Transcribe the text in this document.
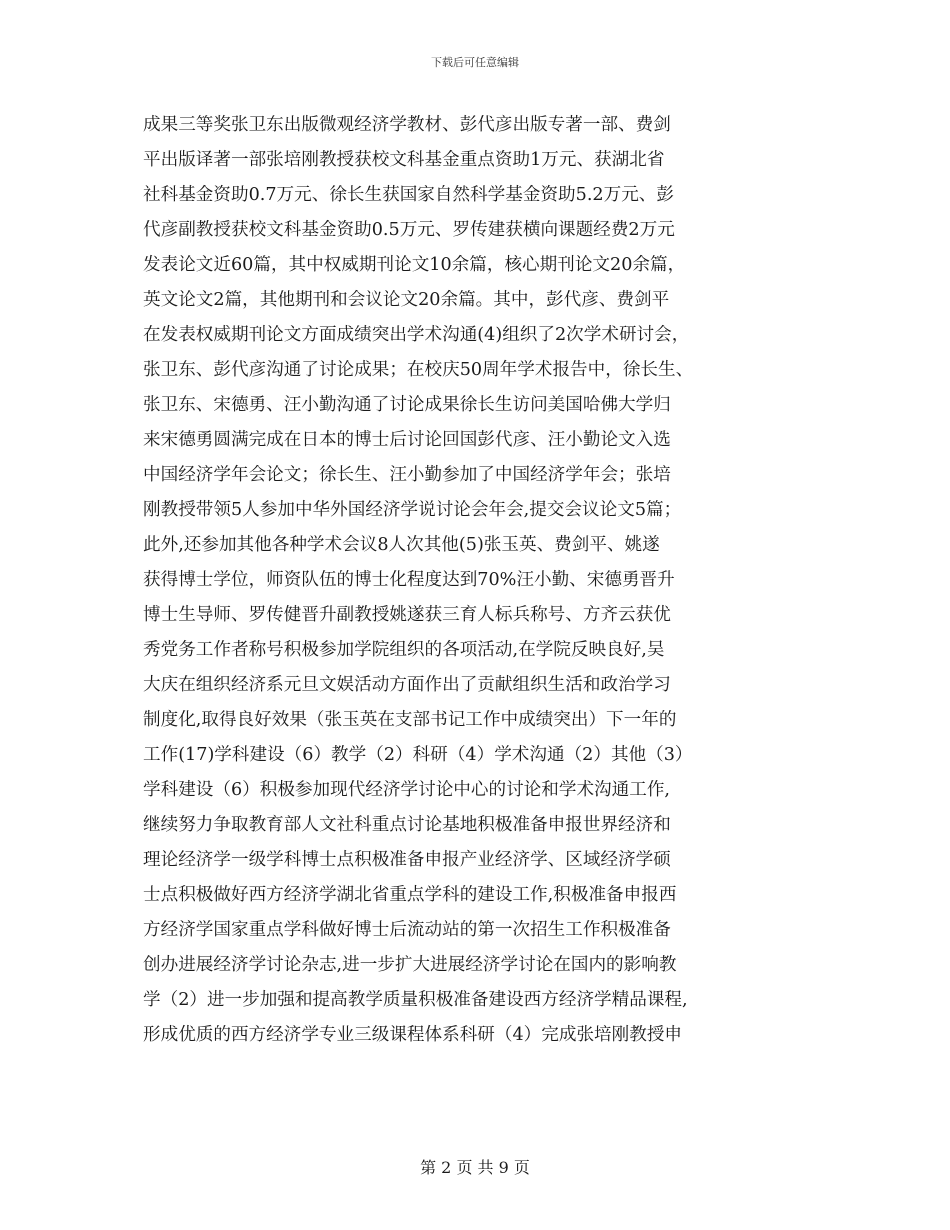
下载后可任意编辑
成果三等奖张卫东出版微观经济学教材、彭代彦出版专著一部、费剑
平出版译著一部张培刚教授获校文科基金重点资助1万元、获湖北省
社科基金资助0.7万元、徐长生获国家自然科学基金资助5.2万元、彭
代彦副教授获校文科基金资助0.5万元、罗传建获横向课题经费2万元
发表论文近60篇，其中权威期刊论文10余篇，核心期刊论文20余篇，
英文论文2篇，其他期刊和会议论文20余篇。其中，彭代彦、费剑平
在发表权威期刊论文方面成绩突出学术沟通(4)组织了2次学术研讨会，
张卫东、彭代彦沟通了讨论成果；在校庆50周年学术报告中，徐长生、
张卫东、宋德勇、汪小勤沟通了讨论成果徐长生访问美国哈佛大学归
来宋德勇圆满完成在日本的博士后讨论回国彭代彦、汪小勤论文入选
中国经济学年会论文；徐长生、汪小勤参加了中国经济学年会；张培
刚教授带领5人参加中华外国经济学说讨论会年会,提交会议论文5篇；
此外,还参加其他各种学术会议8人次其他(5)张玉英、费剑平、姚遂
获得博士学位，师资队伍的博士化程度达到70%汪小勤、宋德勇晋升
博士生导师、罗传健晋升副教授姚遂获三育人标兵称号、方齐云获优
秀党务工作者称号积极参加学院组织的各项活动,在学院反映良好,吴
大庆在组织经济系元旦文娱活动方面作出了贡献组织生活和政治学习
制度化,取得良好效果（张玉英在支部书记工作中成绩突出）下一年的
工作(17)学科建设（6）教学（2）科研（4）学术沟通（2）其他（3）
学科建设（6）积极参加现代经济学讨论中心的讨论和学术沟通工作,
继续努力争取教育部人文社科重点讨论基地积极准备申报世界经济和
理论经济学一级学科博士点积极准备申报产业经济学、区域经济学硕
士点积极做好西方经济学湖北省重点学科的建设工作,积极准备申报西
方经济学国家重点学科做好博士后流动站的第一次招生工作积极准备
创办进展经济学讨论杂志,进一步扩大进展经济学讨论在国内的影响教
学（2）进一步加强和提高教学质量积极准备建设西方经济学精品课程,
形成优质的西方经济学专业三级课程体系科研（4）完成张培刚教授申
第 2 页 共 9 页
